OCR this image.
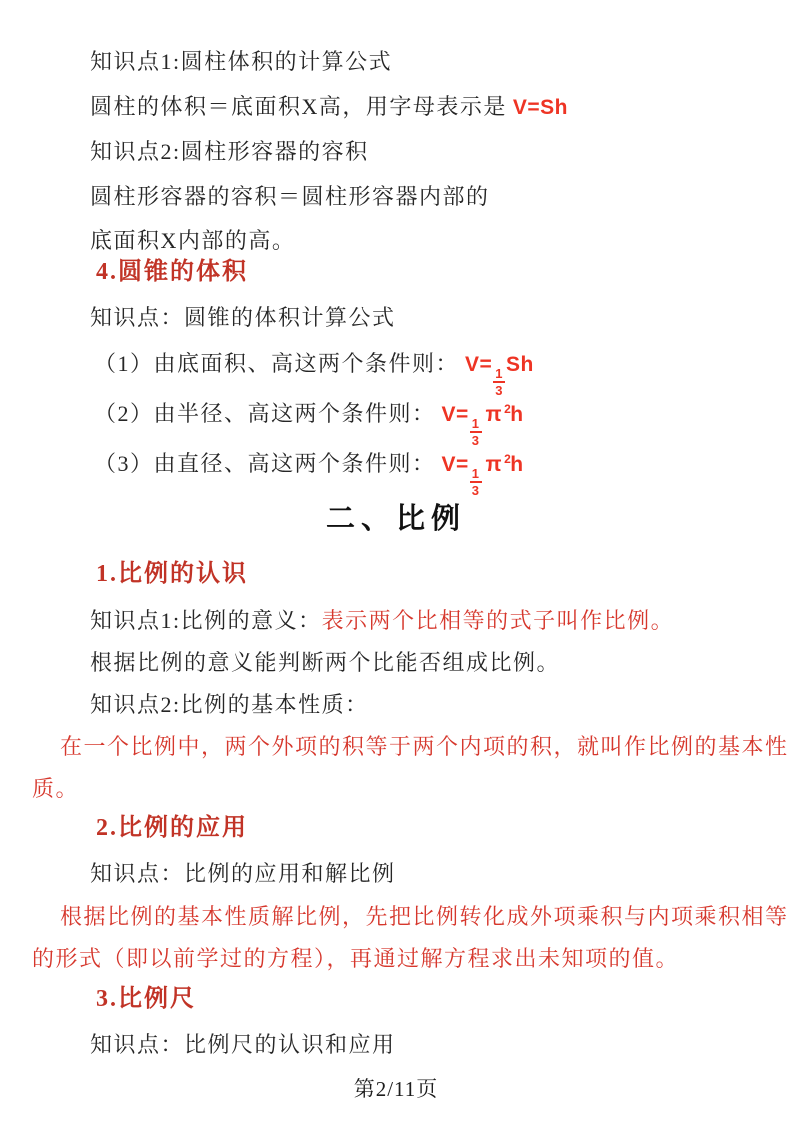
知识点1:圆柱体积的计算公式
圆柱的体积＝底面积X高，用字母表示是 V=Sh
知识点2:圆柱形容器的容积
圆柱形容器的容积＝圆柱形容器内部的
底面积X内部的高。
4.圆锥的体积
知识点：圆锥的体积计算公式
（1）由底面积、高这两个条件则： V=
$\frac{1}{3}$
Sh
（2）由半径、高这两个条件则： V=
$\frac{1}{3}$
π $^2$h
（3）由直径、高这两个条件则： V=
$\frac{1}{3}$
π $^2$h
二、比例
1.比例的认识
知识点1:比例的意义：表示两个比相等的式子叫作比例。
根据比例的意义能判断两个比能否组成比例。
知识点2:比例的基本性质：
在一个比例中，两个外项的积等于两个内项的积，就叫作比例的基本性
质。
2.比例的应用
知识点：比例的应用和解比例
根据比例的基本性质解比例，先把比例转化成外项乘积与内项乘积相等
的形式（即以前学过的方程），再通过解方程求出未知项的值。
3.比例尺
知识点：比例尺的认识和应用
第2/11页
